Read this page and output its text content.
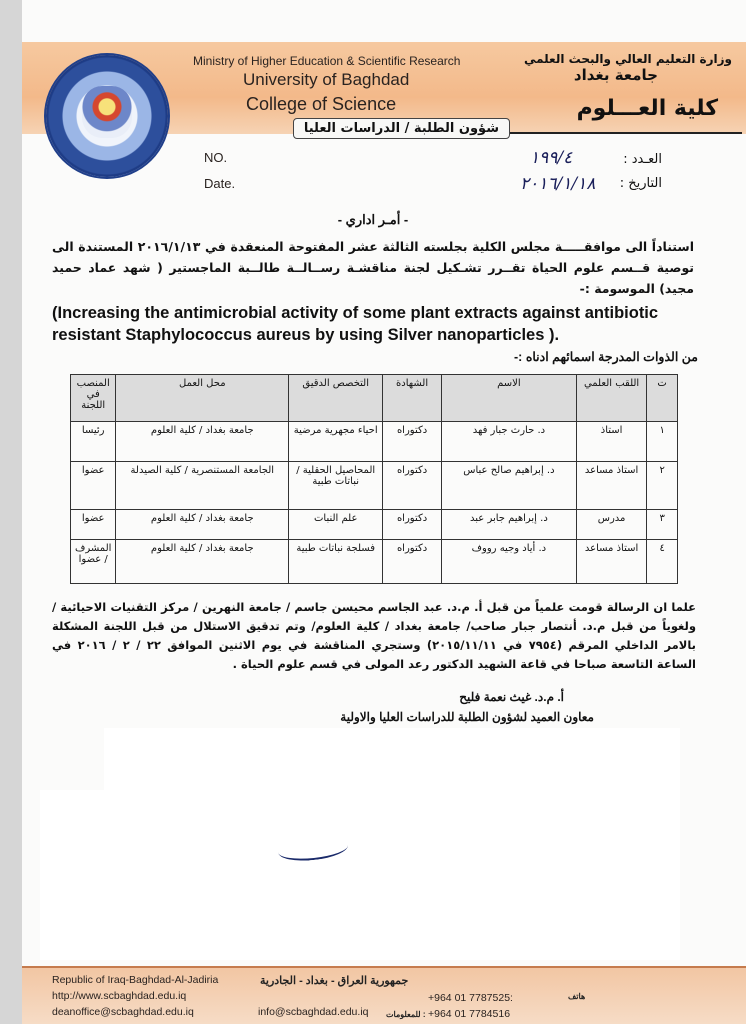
Ministry of Higher Education & Scientific Research
University of Baghdad
College of Science
وزارة التعليم العالي والبحث العلمي
جامعة بغداد
كلية العـــلوم
شؤون الطلبة / الدراسات العليا
NO.
Date.
العـدد :
التاريخ :
١٩٩/٤
٢٠١٦/١/١٨
- أمـر اداري -
استناداً الى موافقـــــة مجلس الكلية بجلسته الثالثة عشر المفتوحة المنعقدة في ٢٠١٦/١/١٣ المستندة الى توصية قــسم علوم الحياة تقــرر تشـكيل لجنة مناقشـة رســالــة طالــبة الماجستير ( شهد عماد حميد مجيد) الموسومة :-
(Increasing the antimicrobial activity of some plant extracts against antibiotic resistant Staphylococcus aureus by using Silver nanoparticles ).
من الذوات المدرجة اسمائهم ادناه :-
ت	اللقب العلمي	الاسم	الشهادة	التخصص الدقيق	محل العمل	المنصب في اللجنة
١	استاذ	د. حارث جبار فهد	دكتوراه	احياء مجهرية مرضية	جامعة بغداد / كلية العلوم	رئيسا
٢	استاذ مساعد	د. إبراهيم صالح عباس	دكتوراه	المحاصيل الحقلية / نباتات طبية	الجامعة المستنصرية / كلية الصيدلة	عضوا
٣	مدرس	د. إبراهيم جابر عبد	دكتوراه	علم النبات	جامعة بغداد / كلية العلوم	عضوا
٤	استاذ مساعد	د. أياد وجيه رووف	دكتوراه	فسلجة نباتات طبية	جامعة بغداد / كلية العلوم	المشرف / عضوا
علما ان الرسالة قومت علمياً من قبل أ. م.د. عبد الجاسم محيسن جاسم / جامعة النهرين / مركز التقنيات الاحيائية / ولغوياً من قبل م.د. أنتصار جبار صاحب/ جامعة بغداد / كلية العلوم/ وتم تدقيق الاستلال من قبل اللجنة المشكلة بالامر الداخلي المرقم (٧٩٥٤ في ٢٠١٥/١١/١١) وستجري المناقشة في يوم الاثنين الموافق ٢٢ / ٢ / ٢٠١٦ في الساعة التاسعة صباحا في قاعة الشهيد الدكتور رعد المولى في قسم علوم الحياة .
أ. م.د. غيث نعمة فليح
معاون العميد لشؤون الطلبة للدراسات العليا والاولية
Republic of Iraq-Baghdad-Al-Jadiria
http://www.scbaghdad.edu.iq
deanoffice@scbaghdad.edu.iq
جمهورية العراق - بغداد - الجادرية
info@scbaghdad.edu.iq : للمعلومات
هاتف
+964 01 7787525:
+964 01 7784516
